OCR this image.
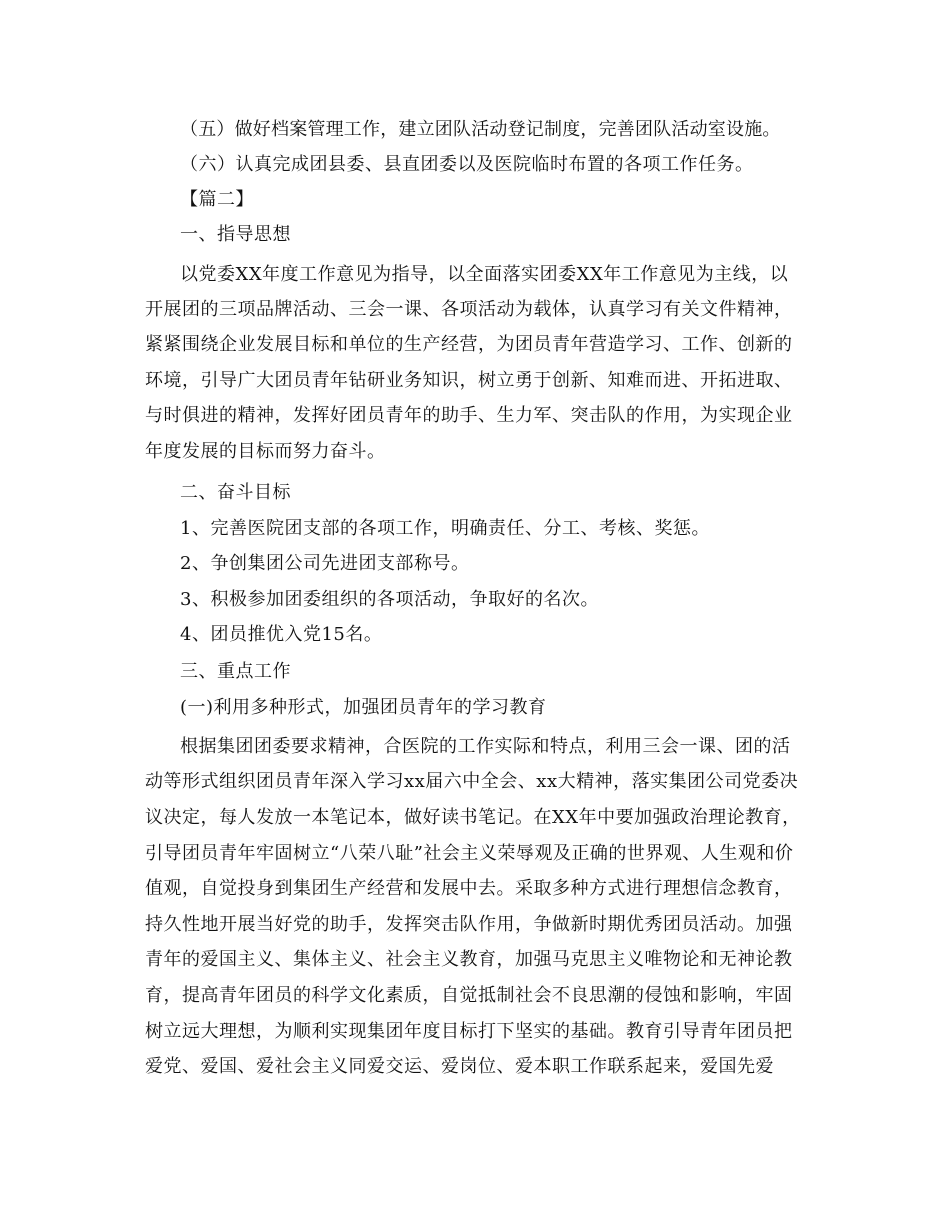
（五）做好档案管理工作，建立团队活动登记制度，完善团队活动室设施。
（六）认真完成团县委、县直团委以及医院临时布置的各项工作任务。
【篇二】
一、指导思想
以党委XX年度工作意见为指导，以全面落实团委XX年工作意见为主线，以
开展团的三项品牌活动、三会一课、各项活动为载体，认真学习有关文件精神，
紧紧围绕企业发展目标和单位的生产经营，为团员青年营造学习、工作、创新的
环境，引导广大团员青年钻研业务知识，树立勇于创新、知难而进、开拓进取、
与时俱进的精神，发挥好团员青年的助手、生力军、突击队的作用，为实现企业
年度发展的目标而努力奋斗。
二、奋斗目标
1、完善医院团支部的各项工作，明确责任、分工、考核、奖惩。
2、争创集团公司先进团支部称号。
3、积极参加团委组织的各项活动，争取好的名次。
4、团员推优入党15名。
三、重点工作
(一)利用多种形式，加强团员青年的学习教育
根据集团团委要求精神，合医院的工作实际和特点，利用三会一课、团的活
动等形式组织团员青年深入学习xx届六中全会、xx大精神，落实集团公司党委决
议决定，每人发放一本笔记本，做好读书笔记。在XX年中要加强政治理论教育，
引导团员青年牢固树立“八荣八耻”社会主义荣辱观及正确的世界观、人生观和价
值观，自觉投身到集团生产经营和发展中去。采取多种方式进行理想信念教育，
持久性地开展当好党的助手，发挥突击队作用，争做新时期优秀团员活动。加强
青年的爱国主义、集体主义、社会主义教育，加强马克思主义唯物论和无神论教
育，提高青年团员的科学文化素质，自觉抵制社会不良思潮的侵蚀和影响，牢固
树立远大理想，为顺利实现集团年度目标打下坚实的基础。教育引导青年团员把
爱党、爱国、爱社会主义同爱交运、爱岗位、爱本职工作联系起来，爱国先爱
